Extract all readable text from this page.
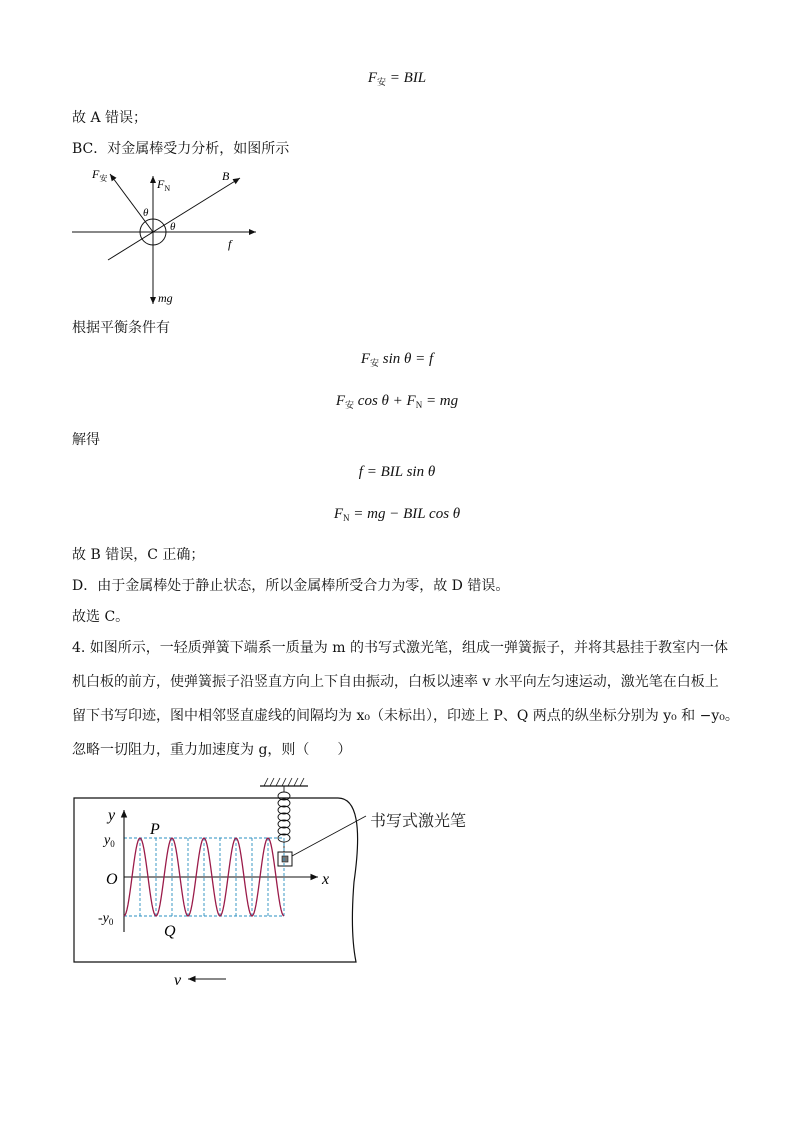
$F_安$ = BIL
故 A 错误；
BC．对金属棒受力分析，如图所示
$F_安$	$F_N$
B
θ
θ
f
mg
根据平衡条件有
$F_安$ sin θ = f
$F_安$ $\cos \theta + F_N$ = mg
解得
f = BIL sin θ
$F_N$ = mg − BIL cos θ
故 B 错误，C 正确；
D．由于金属棒处于静止状态，所以金属棒所受合力为零，故 D 错误。
故选 C。
4. 如图所示，一轻质弹簧下端系一质量为 m 的书写式激光笔，组成一弹簧振子，并将其悬挂于教室内一体
机白板的前方，使弹簧振子沿竖直方向上下自由振动，白板以速率 v 水平向左匀速运动，激光笔在白板上
留下书写印迹，图中相邻竖直虚线的间隔均为 x₀（未标出），印迹上 P、Q 两点的纵坐标分别为 y₀ 和 −y₀。
忽略一切阻力，重力加速度为 g，则（　　）
书写式激光笔
y
$y_0$
$-y_0$
O
P
Q
x
v
